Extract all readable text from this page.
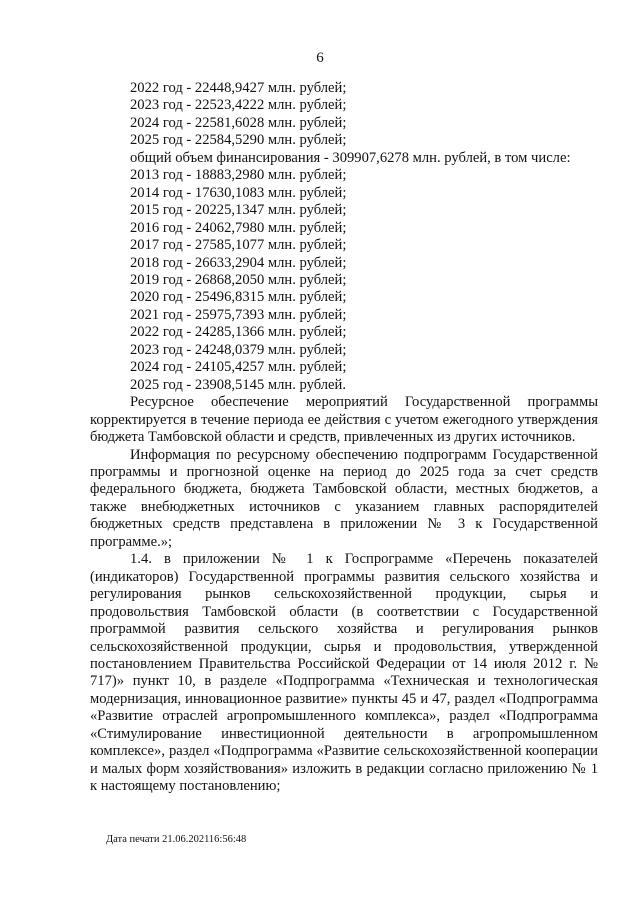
6
2022 год - 22448,9427 млн. рублей;
2023 год - 22523,4222 млн. рублей;
2024 год - 22581,6028 млн. рублей;
2025 год - 22584,5290 млн. рублей;
общий объем финансирования - 309907,6278 млн. рублей, в том числе:
2013 год - 18883,2980 млн. рублей;
2014 год - 17630,1083 млн. рублей;
2015 год - 20225,1347 млн. рублей;
2016 год - 24062,7980 млн. рублей;
2017 год - 27585,1077 млн. рублей;
2018 год - 26633,2904 млн. рублей;
2019 год - 26868,2050 млн. рублей;
2020 год - 25496,8315 млн. рублей;
2021 год - 25975,7393 млн. рублей;
2022 год - 24285,1366 млн. рублей;
2023 год - 24248,0379 млн. рублей;
2024 год - 24105,4257 млн. рублей;
2025 год - 23908,5145 млн. рублей.

Ресурсное обеспечение мероприятий Государственной программы корректируется в течение периода ее действия с учетом ежегодного утверждения бюджета Тамбовской области и средств, привлеченных из других источников.

Информация по ресурсному обеспечению подпрограмм Государственной программы и прогнозной оценке на период до 2025 года за счет средств федерального бюджета, бюджета Тамбовской области, местных бюджетов, а также внебюджетных источников с указанием главных распорядителей бюджетных средств представлена в приложении № 3 к Государственной программе.»;

1.4. в приложении № 1 к Госпрограмме «Перечень показателей (индикаторов) Государственной программы развития сельского хозяйства и регулирования рынков сельскохозяйственной продукции, сырья и продовольствия Тамбовской области (в соответствии с Государственной программой развития сельского хозяйства и регулирования рынков сельскохозяйственной продукции, сырья и продовольствия, утвержденной постановлением Правительства Российской Федерации от 14 июля 2012 г. № 717)» пункт 10, в разделе «Подпрограмма «Техническая и технологическая модернизация, инновационное развитие» пункты 45 и 47, раздел «Подпрограмма «Развитие отраслей агропромышленного комплекса», раздел «Подпрограмма «Стимулирование инвестиционной деятельности в агропромышленном комплексе», раздел «Подпрограмма «Развитие сельскохозяйственной кооперации и малых форм хозяйствования» изложить в редакции согласно приложению № 1 к настоящему постановлению;

Дата печати 21.06.202116:56:48
